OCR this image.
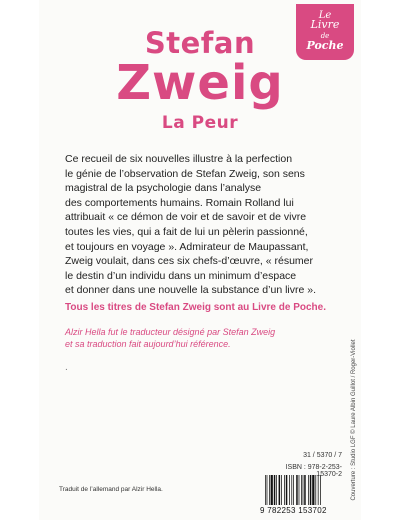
Stefan
Zweig
La Peur
Le
Livre
de
Poche

Ce recueil de six nouvelles illustre à la perfection
le génie de l’observation de Stefan Zweig, son sens
magistral de la psychologie dans l’analyse
des comportements humains. Romain Rolland lui
attribuait « ce démon de voir et de savoir et de vivre
toutes les vies, qui a fait de lui un pèlerin passionné,
et toujours en voyage ». Admirateur de Maupassant,
Zweig voulait, dans ces six chefs-d’œuvre, « résumer
le destin d’un individu dans un minimum d’espace
et donner dans une nouvelle la substance d’un livre ».

Tous les titres de Stefan Zweig sont au Livre de Poche.
Alzir Hella fut le traducteur désigné par Stefan Zweig
et sa traduction fait aujourd’hui référence.
.	Couverture : Studio LGF © Laure Albin Guillot / Roger-Viollet
31 / 5370 / 7
ISBN : 978-2-253-15370-2
9 782253 153702
Traduit de l’allemand par Alzir Hella.
